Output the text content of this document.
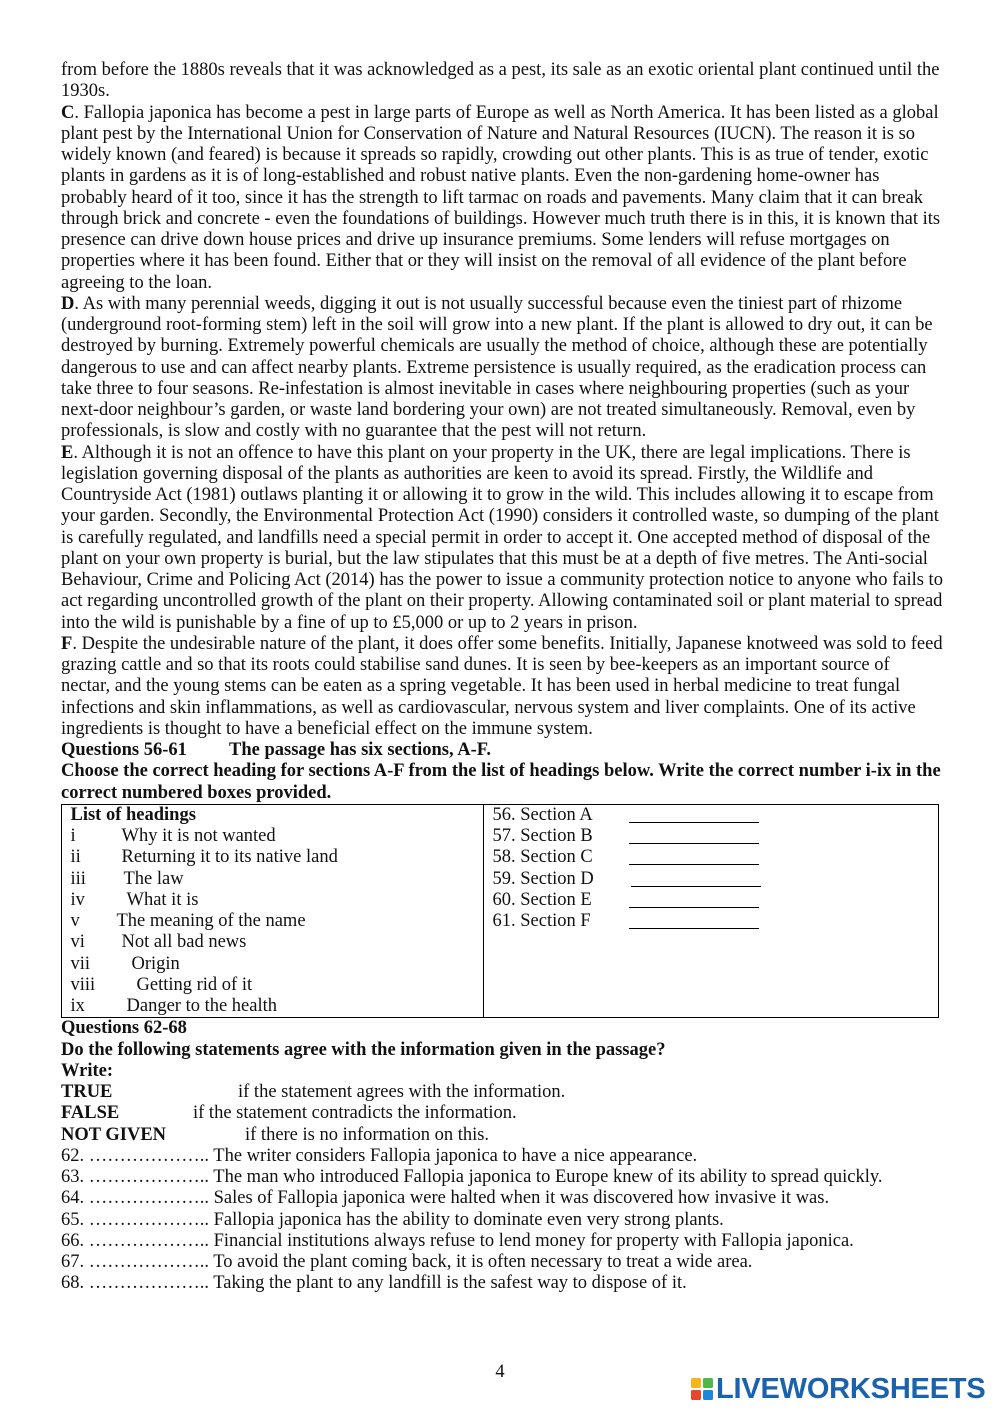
from before the 1880s reveals that it was acknowledged as a pest, its sale as an exotic oriental plant continued until the 1930s.

C. Fallopia japonica has become a pest in large parts of Europe as well as North America. It has been listed as a global plant pest by the International Union for Conservation of Nature and Natural Resources (IUCN). The reason it is so widely known (and feared) is because it spreads so rapidly, crowding out other plants. This is as true of tender, exotic plants in gardens as it is of long-established and robust native plants. Even the non-gardening home-owner has probably heard of it too, since it has the strength to lift tarmac on roads and pavements. Many claim that it can break through brick and concrete - even the foundations of buildings. However much truth there is in this, it is known that its presence can drive down house prices and drive up insurance premiums. Some lenders will refuse mortgages on properties where it has been found. Either that or they will insist on the removal of all evidence of the plant before agreeing to the loan.

D. As with many perennial weeds, digging it out is not usually successful because even the tiniest part of rhizome (underground root-forming stem) left in the soil will grow into a new plant. If the plant is allowed to dry out, it can be destroyed by burning. Extremely powerful chemicals are usually the method of choice, although these are potentially dangerous to use and can affect nearby plants. Extreme persistence is usually required, as the eradication process can take three to four seasons. Re-infestation is almost inevitable in cases where neighbouring properties (such as your next-door neighbour’s garden, or waste land bordering your own) are not treated simultaneously. Removal, even by professionals, is slow and costly with no guarantee that the pest will not return.

E. Although it is not an offence to have this plant on your property in the UK, there are legal implications. There is legislation governing disposal of the plants as authorities are keen to avoid its spread. Firstly, the Wildlife and Countryside Act (1981) outlaws planting it or allowing it to grow in the wild. This includes allowing it to escape from your garden. Secondly, the Environmental Protection Act (1990) considers it controlled waste, so dumping of the plant is carefully regulated, and landfills need a special permit in order to accept it. One accepted method of disposal of the plant on your own property is burial, but the law stipulates that this must be at a depth of five metres. The Anti-social Behaviour, Crime and Policing Act (2014) has the power to issue a community protection notice to anyone who fails to act regarding uncontrolled growth of the plant on their property. Allowing contaminated soil or plant material to spread into the wild is punishable by a fine of up to £5,000 or up to 2 years in prison.

F. Despite the undesirable nature of the plant, it does offer some benefits. Initially, Japanese knotweed was sold to feed grazing cattle and so that its roots could stabilise sand dunes. It is seen by bee-keepers as an important source of nectar, and the young stems can be eaten as a spring vegetable. It has been used in herbal medicine to treat fungal infections and skin inflammations, as well as cardiovascular, nervous system and liver complaints. One of its active ingredients is thought to have a beneficial effect on the immune system.

Questions 56-61 The passage has six sections, A-F.

Choose the correct heading for sections A-F from the list of headings below. Write the correct number i-ix in the correct numbered boxes provided.

List of headings
i Why it is not wanted
ii Returning it to its native land
iii The law
iv What it is
v The meaning of the name
vi Not all bad news
vii Origin
viii Getting rid of it
ix Danger to the health
56. Section A
57. Section B
58. Section C
59. Section D
60. Section E
61. Section F
Questions 62-68
Do the following statements agree with the information given in the passage?
Write:
TRUE	if the statement agrees with the information.
FALSE	if the statement contradicts the information.
NOT GIVEN	if there is no information on this.
62. ……………….. The writer considers Fallopia japonica to have a nice appearance.
63. ……………….. The man who introduced Fallopia japonica to Europe knew of its ability to spread quickly.
64. ……………….. Sales of Fallopia japonica were halted when it was discovered how invasive it was.
65. ……………….. Fallopia japonica has the ability to dominate even very strong plants.
66. ……………….. Financial institutions always refuse to lend money for property with Fallopia japonica.
67. ……………….. To avoid the plant coming back, it is often necessary to treat a wide area.
68. ……………….. Taking the plant to any landfill is the safest way to dispose of it.
4
LIVEWORKSHEETS
